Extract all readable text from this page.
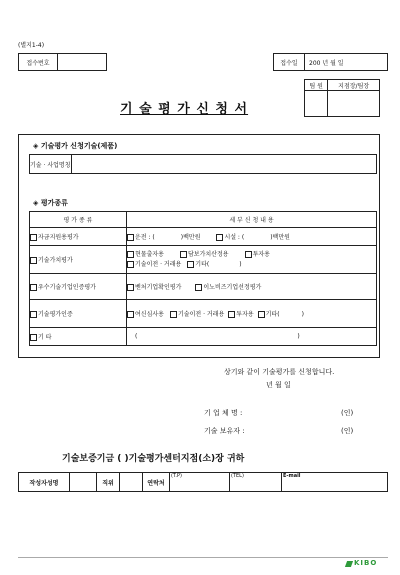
(별지1-4)
접수번호			접수일	200 년 월 일
팀 원	지점장/팀장

기 술 평 가 신 청 서
◈ 기술평가 신청기술(제품)
기술 · 사업명칭	
◈ 평가종류
평 가 종 류	세 부 신 청 내 용
자금지원용평가	운전 : ( )백만원 시설 : ( )백만원
기술가치평가	현물출자용 담보가치산정용 투자용
기술이전 · 거래용 기타( )
우수기술기업인증평가	벤처기업확인평가 이노비즈기업선정평가
기술평가인증	여신심사용 기술이전 · 거래용 투자용 기타( )
기 타	( )
상기와 같이 기술평가를 신청합니다.
년 월 일
기 업 체 명 :	(인)
기술 보유자 :	(인)
기술보증기금 ( )기술평가센터지점(소)장 귀하
작성자성명		직위		연락처	(T.P)	(TEL)	E-mail
KIBO
